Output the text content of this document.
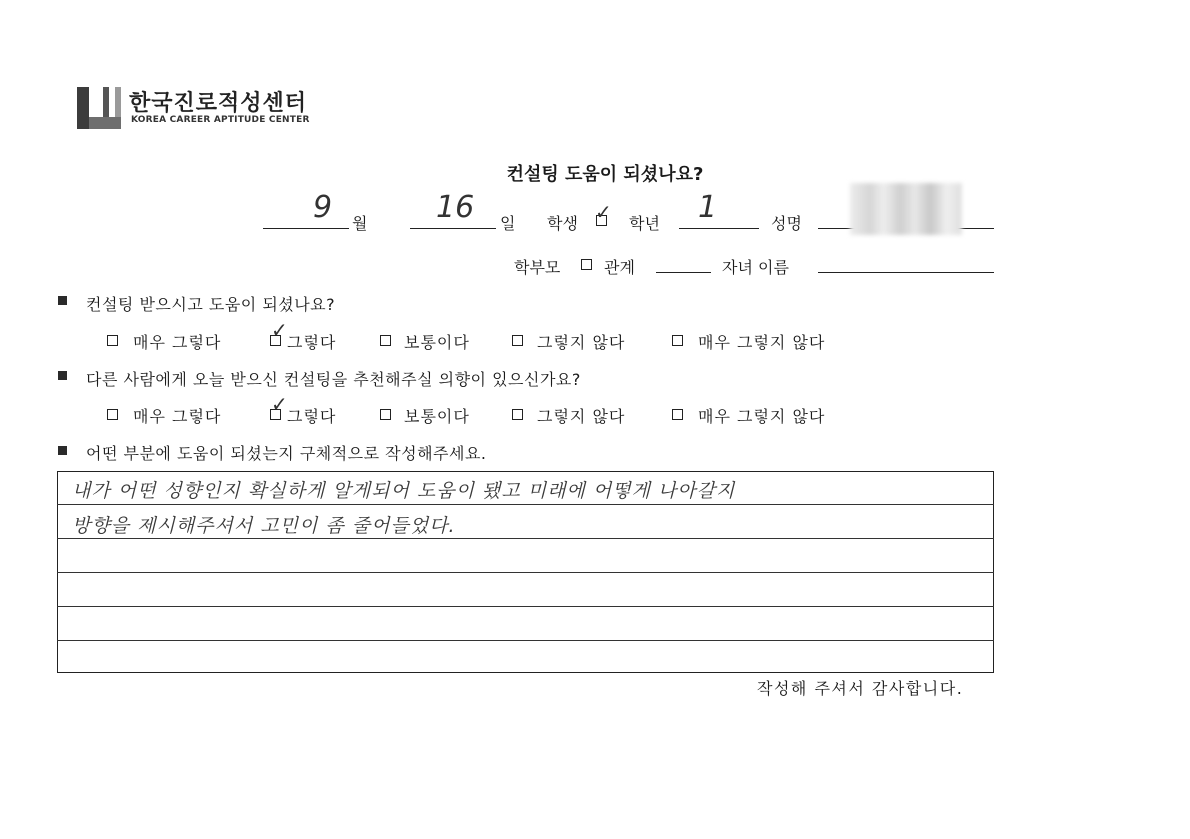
한국진로적성센터
KOREA CAREER APTITUDE CENTER
컨설팅 도움이 되셨나요?
9 월 16 일 학생 ✓ 학년 1	성명
학부모	관계	자녀 이름
컨설팅 받으시고 도움이 되셨나요?
매우 그렇다
✓
그렇다	보통이다	그렇지 않다	매우 그렇지 않다
다른 사람에게 오늘 받으신 컨설팅을 추천해주실 의향이 있으신가요?
매우 그렇다
✓
그렇다	보통이다	그렇지 않다	매우 그렇지 않다
어떤 부분에 도움이 되셨는지 구체적으로 작성해주세요.
내가 어떤 성향인지 확실하게 알게되어 도움이 됐고 미래에 어떻게 나아갈지
방향을 제시해주셔서 고민이 좀 줄어들었다.
작성해 주셔서 감사합니다.
